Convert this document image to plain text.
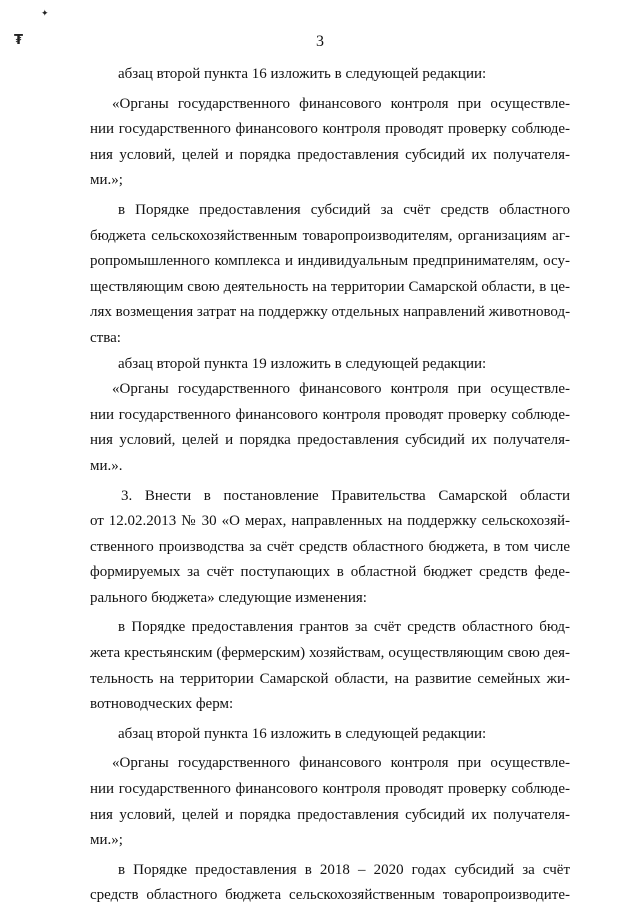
✦
₮	3
абзац второй пункта 16 изложить в следующей редакции:
«Органы государственного финансового контроля при осуществле-
нии государственного финансового контроля проводят проверку соблюде-
ния условий, целей и порядка предоставления субсидий их получателя-
ми.»;
в Порядке предоставления субсидий за счёт средств областного
бюджета сельскохозяйственным товаропроизводителям, организациям аг-
ропромышленного комплекса и индивидуальным предпринимателям, осу-
ществляющим свою деятельность на территории Самарской области, в це-
лях возмещения затрат на поддержку отдельных направлений животновод-
ства:
абзац второй пункта 19 изложить в следующей редакции:
«Органы государственного финансового контроля при осуществле-
нии государственного финансового контроля проводят проверку соблюде-
ния условий, целей и порядка предоставления субсидий их получателя-
ми.».
3. Внести в постановление Правительства Самарской области
от 12.02.2013 № 30 «О мерах, направленных на поддержку сельскохозяй-
ственного производства за счёт средств областного бюджета, в том числе
формируемых за счёт поступающих в областной бюджет средств феде-
рального бюджета» следующие изменения:
в Порядке предоставления грантов за счёт средств областного бюд-
жета крестьянским (фермерским) хозяйствам, осуществляющим свою дея-
тельность на территории Самарской области, на развитие семейных жи-
вотноводческих ферм:
абзац второй пункта 16 изложить в следующей редакции:
«Органы государственного финансового контроля при осуществле-
нии государственного финансового контроля проводят проверку соблюде-
ния условий, целей и порядка предоставления субсидий их получателя-
ми.»;
в Порядке предоставления в 2018 – 2020 годах субсидий за счёт
средств областного бюджета сельскохозяйственным товаропроизводите-
